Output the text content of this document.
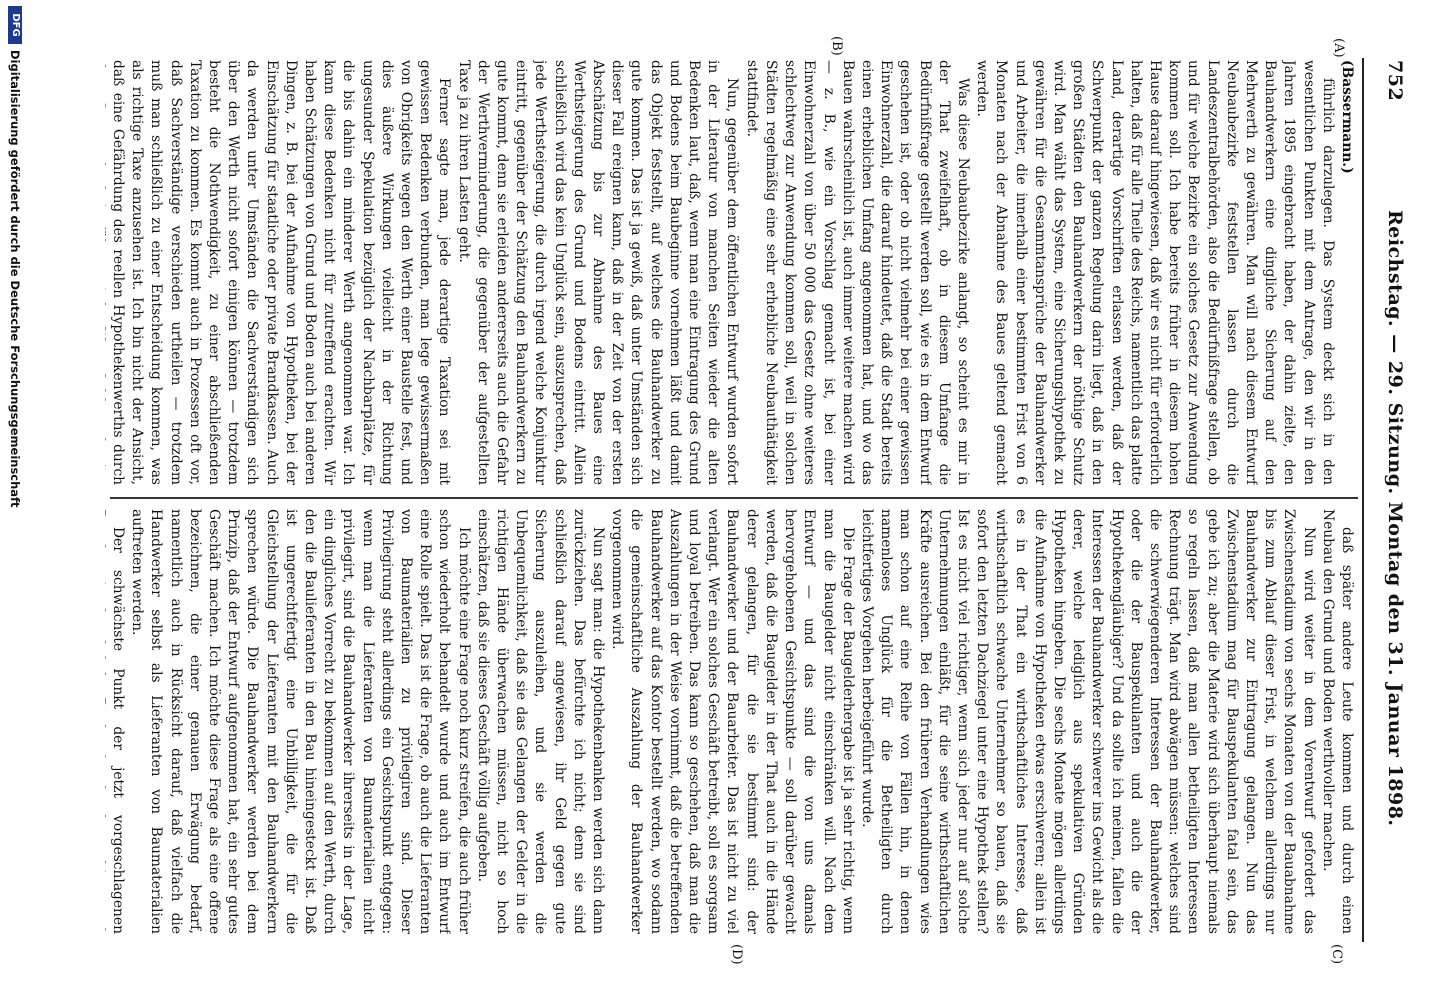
752
Reichstag. — 29. Sitzung. Montag den 31. Januar 1898.
(A)
(B)
(C)
(D)

(Bassermann.)

führlich darzulegen. Das System deckt sich in den wesentlichen Punkten mit dem Antrage, den wir in den Jahren 1895 eingebracht haben, der dahin zielte, den Bauhandwerkern eine dingliche Sicherung auf den Mehrwerth zu gewähren. Man will nach diesem Entwurf Neubaubezirke feststellen lassen durch die Landeszentralbehörden, also die Bedürfnißfrage stellen, ob und für welche Bezirke ein solches Gesetz zur Anwendung kommen soll. Ich habe bereits früher in diesem hohen Hause darauf hingewiesen, daß wir es nicht für erforderlich halten, daß für alle Theile des Reichs, namentlich das platte Land, derartige Vorschriften erlassen werden, daß der Schwerpunkt der ganzen Regelung darin liegt, daß in den großen Städten den Bauhandwerkern der nöthige Schutz wird. Man wählt das System, eine Sicherungshypothek zu gewähren für die Gesammtansprüche der Bauhandwerker und Arbeiter, die innerhalb einer bestimmten Frist von 6 Monaten nach der Abnahme des Baues geltend gemacht werden.

Was diese Neubaubezirke anlangt, so scheint es mir in der That zweifelhaft, ob in diesem Umfange die Bedürfnißfrage gestellt werden soll, wie es in dem Entwurf geschehen ist, oder ob nicht vielmehr bei einer gewissen Einwohnerzahl, die darauf hindeutet, daß die Stadt bereits einen erheblichen Umfang angenommen hat, und wo das Bauen wahrscheinlich ist, auch immer weitere machen wird — z. B., wie ein Vorschlag gemacht ist, bei einer Einwohnerzahl von über 50 000 das Gesetz ohne weiteres schlechtweg zur Anwendung kommen soll, weil in solchen Städten regelmäßig eine sehr erhebliche Neubauthätigkeit stattfindet.

Nun, gegenüber dem öffentlichen Entwurf wurden sofort in der Literatur von manchen Seiten wieder die alten Bedenken laut, daß, wenn man eine Eintragung des Grund und Bodens beim Baubeginne vornehmen läßt und damit das Objekt feststellt, auf welches die Bauhandwerker zu gute kommen. Das ist ja gewiß, daß unter Umständen sich dieser Fall ereignen kann, daß in der Zeit von der ersten Abschätzung bis zur Abnahme des Baues eine Werthsteigerung des Grund und Bodens eintritt. Allein schließlich wird das kein Unglück sein, auszusprechen, daß jede Werthsteigerung, die durch irgend welche Konjunktur eintritt, gegenüber der Schätzung den Bauhandwerkern zu gute kommt, denn sie erleiden andererseits auch die Gefahr der Werthverminderung, die gegenüber der aufgestellten Taxe ja zu ihren Lasten geht.

Ferner sagte man, jede derartige Taxation sei mit gewissen Bedenken verbunden, man lege gewissermaßen von Obrigkeits wegen den Werth einer Baustelle fest, und dies äußere Wirkungen vielleicht in der Richtung ungesunder Spekulation bezüglich der Nachbarplätze, für die bis dahin ein minderer Werth angenommen war. Ich kann diese Bedenken nicht für zutreffend erachten. Wir haben Schätzungen von Grund und Boden auch bei anderen Dingen, z. B. bei der Aufnahme von Hypotheken, bei der Einschätzung für staatliche oder private Brandkassen. Auch da werden unter Umständen die Sachverständigen sich über den Werth nicht sofort einigen können — trotzdem besteht die Nothwendigkeit, zu einer abschließenden Taxation zu kommen. Es kommt auch in Prozessen oft vor, daß Sachverständige verschieden urtheilen — trotzdem muß man schließlich zu einer Entscheidung kommen, was als richtige Taxe anzusehen ist. Ich bin nicht der Ansicht, daß eine Gefährdung des reellen Hypothekenwerths durch

daß später andere Leute kommen und durch einen Neubau den Grund und Boden werthvoller machen.

Nun wird weiter in dem Vorentwurf gefordert das Zwischenstadium von sechs Monaten von der Bauabnahme bis zum Ablauf dieser Frist, in welchem allerdings nur Bauhandwerker zur Eintragung gelangen. Nun das Zwischenstadium mag für Bauspekulanten fatal sein, das gebe ich zu; aber die Materie wird sich überhaupt niemals so regeln lassen, daß man allen betheiligten Interessen Rechnung trägt. Man wird abwägen müssen: welches sind die schwerwiegenderen Interessen der Bauhandwerker, oder die der Bauspekulanten und auch die der Hypothekengläubiger? Und da sollte ich meinen, fallen die Interessen der Bauhandwerker schwerer ins Gewicht als die derer, welche lediglich aus spekulativen Gründen Hypotheken hingeben. Die sechs Monate mögen allerdings die Aufnahme von Hypotheken etwas erschweren; allein ist es in der That ein wirthschaftliches Interesse, daß wirthschaftlich schwache Unternehmer so bauen, daß sie sofort den letzten Dachziegel unter eine Hypothek stellen? Ist es nicht viel richtiger, wenn sich jeder nur auf solche Unternehmungen einläßt, für die seine wirthschaftlichen Kräfte ausreichen. Bei den früheren Verhandlungen wies man schon auf eine Reihe von Fällen hin, in denen namenloses Unglück für die Betheiligten durch leichtfertiges Vorgehen herbeigeführt wurde.

Die Frage der Baugelderhergabe ist ja sehr richtig, wenn man die Baugelder nicht einschränken will. Nach dem Entwurf — und das sind die von uns damals hervorgehobenen Gesichtspunkte — soll darüber gewacht werden, daß die Baugelder in der That auch in die Hände derer gelangen, für die sie bestimmt sind: der Bauhandwerker und der Bauarbeiter. Das ist nicht zu viel verlangt. Wer ein solches Geschäft betreibt, soll es sorgsam und loyal betreiben. Das kann so geschehen, daß man die Auszahlungen in der Weise vornimmt, daß die betreffenden Bauhandwerker auf das Kontor bestellt werden, wo sodann die gemeinschaftliche Auszahlung der Bauhandwerker vorgenommen wird.

Nun sagt man: die Hypothekenbanken werden sich dann zurückziehen. Das befürchte ich nicht; denn sie sind schließlich darauf angewiesen, ihr Geld gegen gute Sicherung auszuleihen, und sie werden die Unbequemlichkeit, daß sie das Gelangen der Gelder in die richtigen Hände überwachen müssen, nicht so hoch einschätzen, daß sie dieses Geschäft völlig aufgeben.

Ich möchte eine Frage noch kurz streifen, die auch früher schon wiederholt behandelt wurde und auch im Entwurf eine Rolle spielt. Das ist die Frage, ob auch die Lieferanten von Baumaterialien zu privilegiren sind. Dieser Privilegirung steht allerdings ein Gesichtspunkt entgegen: wenn man die Lieferanten von Baumaterialien nicht privilegirt, sind die Bauhandwerker ihrerseits in der Lage, ein dingliches Vorrecht zu bekommen auf den Werth, durch den die Baulieferanten in den Bau hineingesteckt ist. Daß ist ungerechtfertigt eine Unbilligkeit, die für die Gleichstellung der Lieferanten mit den Bauhandwerkern sprechen würde. Die Bauhandwerker werden bei dem Prinzip, daß der Entwurf aufgenommen hat, ein sehr gutes Geschäft machen. Ich möchte diese Frage als eine offene bezeichnen, die einer genauen Erwägung bedarf, namentlich auch in Rücksicht darauf, daß vielfach die Handwerker selbst als Lieferanten von Baumaterialien auftreten werden.

Der schwächste Punkt der jetzt vorgeschlagenen

DFG
Digitalisierung gefördert durch die Deutsche Forschungsgemeinschaft
